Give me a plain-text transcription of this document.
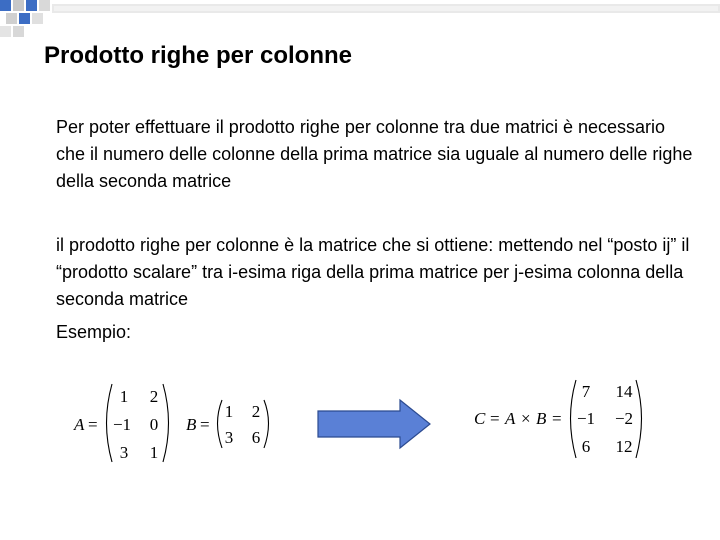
Prodotto righe per colonne

Per poter effettuare il prodotto righe per colonne tra due matrici è necessario che il numero delle colonne della prima matrice sia uguale al numero delle righe della seconda matrice

il prodotto righe per colonne è la matrice che si ottiene: mettendo nel “posto ij” il “prodotto scalare” tra i-esima riga della prima matrice per j-esima colonna della seconda matrice

Esempio:

A =
1 2
−1 0
3 1
B =
1 2
3 6
C = A × B =
7 14
−1 −2
6 12
